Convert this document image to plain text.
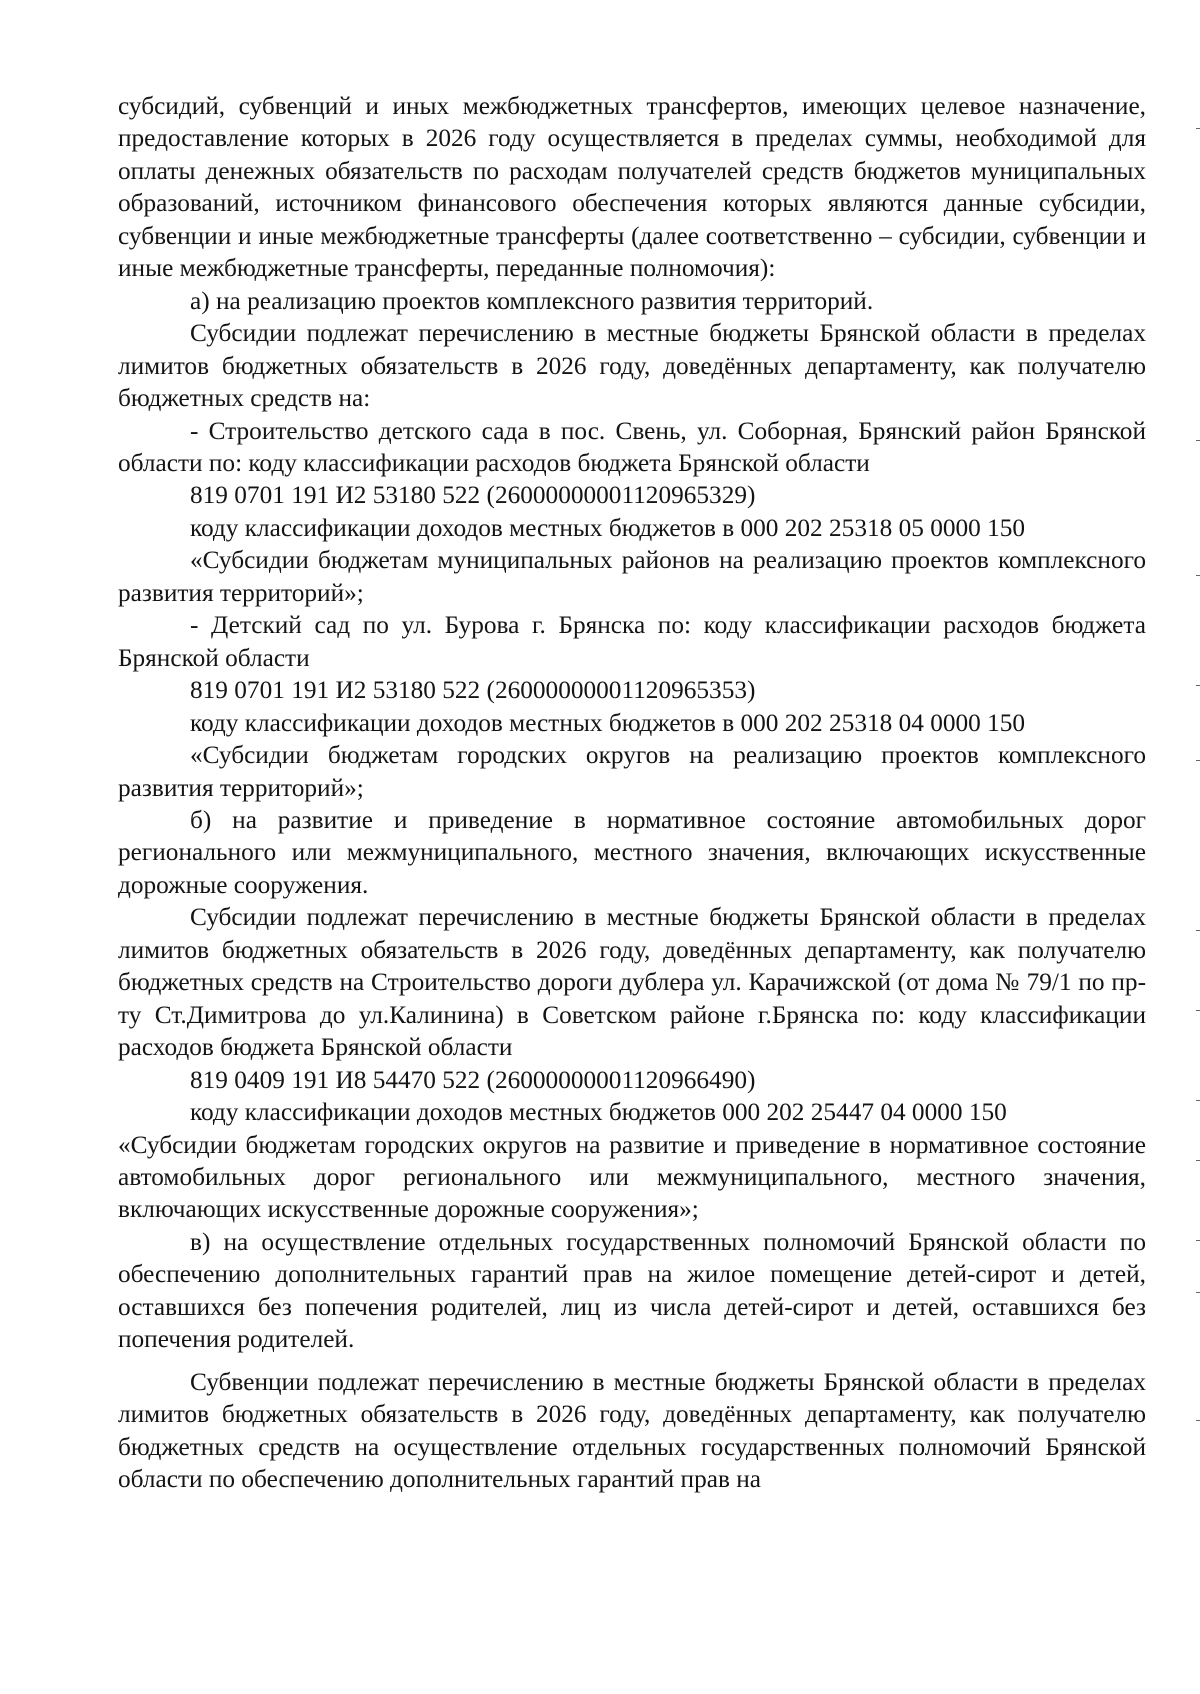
субсидий, субвенций и иных межбюджетных трансфертов, имеющих целевое назначение, предоставление которых в 2026 году осуществляется в пределах суммы, необходимой для оплаты денежных обязательств по расходам получателей средств бюджетов муниципальных образований, источником финансового обеспечения которых являются данные субсидии, субвенции и иные межбюджетные трансферты (далее соответственно – субсидии, субвенции и иные межбюджетные трансферты, переданные полномочия):

а) на реализацию проектов комплексного развития территорий.

Субсидии подлежат перечислению в местные бюджеты Брянской области в пределах лимитов бюджетных обязательств в 2026 году, доведённых департаменту, как получателю бюджетных средств на:

- Строительство детского сада в пос. Свень, ул. Соборная, Брянский район Брянской области по: коду классификации расходов бюджета Брянской области

819 0701 191 И2 53180 522 (26000000001120965329)

коду классификации доходов местных бюджетов в 000 202 25318 05 0000 150

«Субсидии бюджетам муниципальных районов на реализацию проектов комплексного развития территорий»;

- Детский сад по ул. Бурова г. Брянска по: коду классификации расходов бюджета Брянской области

819 0701 191 И2 53180 522 (26000000001120965353)

коду классификации доходов местных бюджетов в 000 202 25318 04 0000 150

«Субсидии бюджетам городских округов на реализацию проектов комплексного развития территорий»;

б) на развитие и приведение в нормативное состояние автомобильных дорог регионального или межмуниципального, местного значения, включающих искусственные дорожные сооружения.

Субсидии подлежат перечислению в местные бюджеты Брянской области в пределах лимитов бюджетных обязательств в 2026 году, доведённых департаменту, как получателю бюджетных средств на Строительство дороги дублера ул. Карачижской (от дома № 79/1 по пр-ту Ст.Димитрова до ул.Калинина) в Советском районе г.Брянска по: коду классификации расходов бюджета Брянской области

819 0409 191 И8 54470 522 (26000000001120966490)

коду классификации доходов местных бюджетов 000 202 25447 04 0000 150

«Субсидии бюджетам городских округов на развитие и приведение в нормативное состояние автомобильных дорог регионального или межмуниципального, местного значения, включающих искусственные дорожные сооружения»;

в) на осуществление отдельных государственных полномочий Брянской области по обеспечению дополнительных гарантий прав на жилое помещение детей-сирот и детей, оставшихся без попечения родителей, лиц из числа детей-сирот и детей, оставшихся без попечения родителей.

Субвенции подлежат перечислению в местные бюджеты Брянской области в пределах лимитов бюджетных обязательств в 2026 году, доведённых департаменту, как получателю бюджетных средств на осуществление отдельных государственных полномочий Брянской области по обеспечению дополнительных гарантий прав на
